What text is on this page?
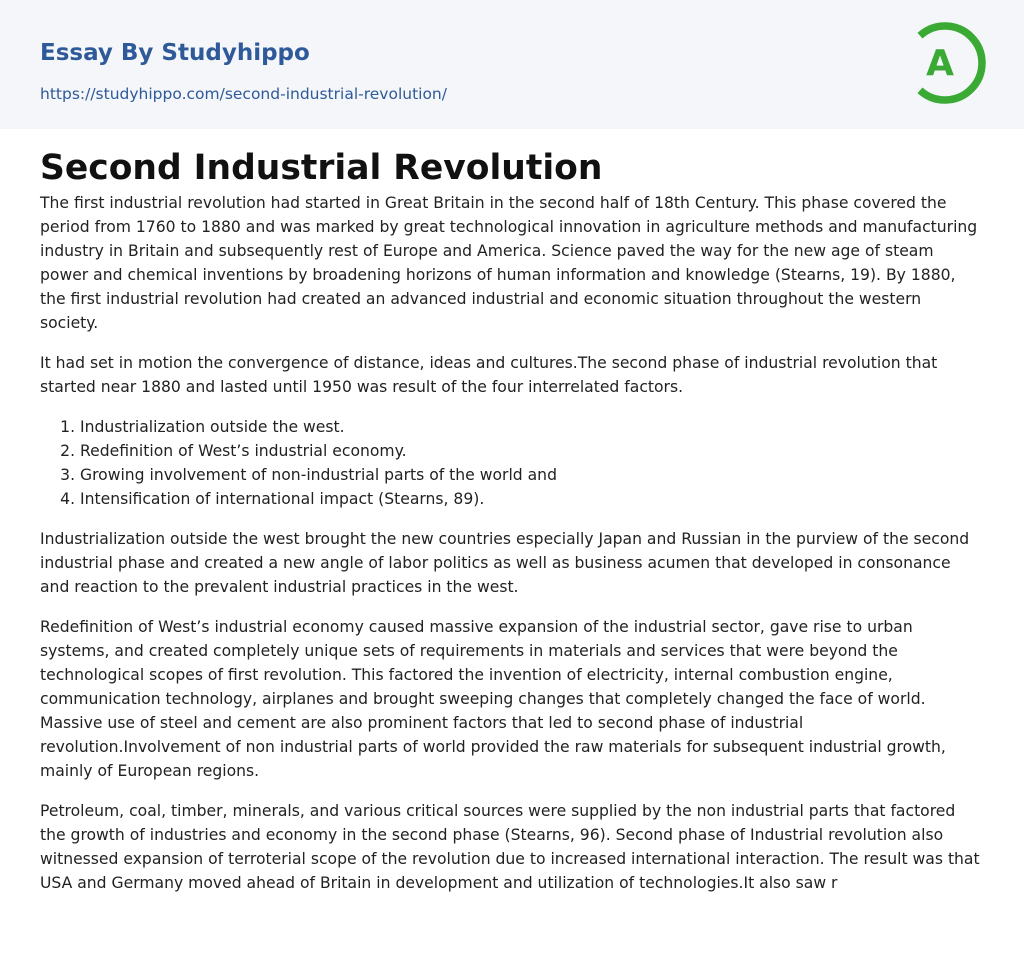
Essay By Studyhippo
https://studyhippo.com/second-industrial-revolution/
A
Second Industrial Revolution

The first industrial revolution had started in Great Britain in the second half of 18th Century. This phase covered the period from 1760 to 1880 and was marked by great technological innovation in agriculture methods and manufacturing industry in Britain and subsequently rest of Europe and America. Science paved the way for the new age of steam power and chemical inventions by broadening horizons of human information and knowledge (Stearns, 19). By 1880, the first industrial revolution had created an advanced industrial and economic situation throughout the western society.

It had set in motion the convergence of distance, ideas and cultures.The second phase of industrial revolution that started near 1880 and lasted until 1950 was result of the four interrelated factors.

1. Industrialization outside the west.
2. Redefinition of West’s industrial economy.
3. Growing involvement of non-industrial parts of the world and
4. Intensification of international impact (Stearns, 89).

Industrialization outside the west brought the new countries especially Japan and Russian in the purview of the second industrial phase and created a new angle of labor politics as well as business acumen that developed in consonance and reaction to the prevalent industrial practices in the west.

Redefinition of West’s industrial economy caused massive expansion of the industrial sector, gave rise to urban systems, and created completely unique sets of requirements in materials and services that were beyond the technological scopes of first revolution. This factored the invention of electricity, internal combustion engine, communication technology, airplanes and brought sweeping changes that completely changed the face of world. Massive use of steel and cement are also prominent factors that led to second phase of industrial revolution.Involvement of non industrial parts of world provided the raw materials for subsequent industrial growth, mainly of European regions.

Petroleum, coal, timber, minerals, and various critical sources were supplied by the non industrial parts that factored the growth of industries and economy in the second phase (Stearns, 96). Second phase of Industrial revolution also witnessed expansion of terroterial scope of the revolution due to increased international interaction. The result was that USA and Germany moved ahead of Britain in development and utilization of technologies.It also saw r
